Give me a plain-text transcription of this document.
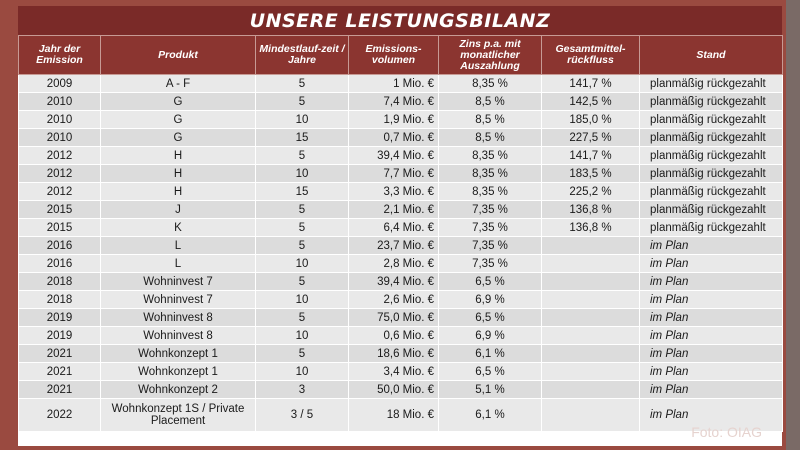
UNSERE LEISTUNGSBILANZ
Jahr der Emission	Produkt	Mindestlauf-zeit / Jahre	Emissions-volumen	Zins p.a. mit monatlicher Auszahlung	Gesamtmittel-rückfluss	Stand
2009	A - F	5	1 Mio. €	8,35 %	141,7 %	planmäßig rückgezahlt
2010	G	5	7,4 Mio. €	8,5 %	142,5 %	planmäßig rückgezahlt
2010	G	10	1,9 Mio. €	8,5 %	185,0 %	planmäßig rückgezahlt
2010	G	15	0,7 Mio. €	8,5 %	227,5 %	planmäßig rückgezahlt
2012	H	5	39,4 Mio. €	8,35 %	141,7 %	planmäßig rückgezahlt
2012	H	10	7,7 Mio. €	8,35 %	183,5 %	planmäßig rückgezahlt
2012	H	15	3,3 Mio. €	8,35 %	225,2 %	planmäßig rückgezahlt
2015	J	5	2,1 Mio. €	7,35 %	136,8 %	planmäßig rückgezahlt
2015	K	5	6,4 Mio. €	7,35 %	136,8 %	planmäßig rückgezahlt
2016	L	5	23,7 Mio. €	7,35 %		im Plan
2016	L	10	2,8 Mio. €	7,35 %		im Plan
2018	Wohninvest 7	5	39,4 Mio. €	6,5 %		im Plan
2018	Wohninvest 7	10	2,6 Mio. €	6,9 %		im Plan
2019	Wohninvest 8	5	75,0 Mio. €	6,5 %		im Plan
2019	Wohninvest 8	10	0,6 Mio. €	6,9 %		im Plan
2021	Wohnkonzept 1	5	18,6 Mio. €	6,1 %		im Plan
2021	Wohnkonzept 1	10	3,4 Mio. €	6,5 %		im Plan
2021	Wohnkonzept 2	3	50,0 Mio. €	5,1 %		im Plan
2022	Wohnkonzept 1S / Private Placement	3 / 5	18 Mio. €	6,1 %		im Plan
Foto: OIAG
